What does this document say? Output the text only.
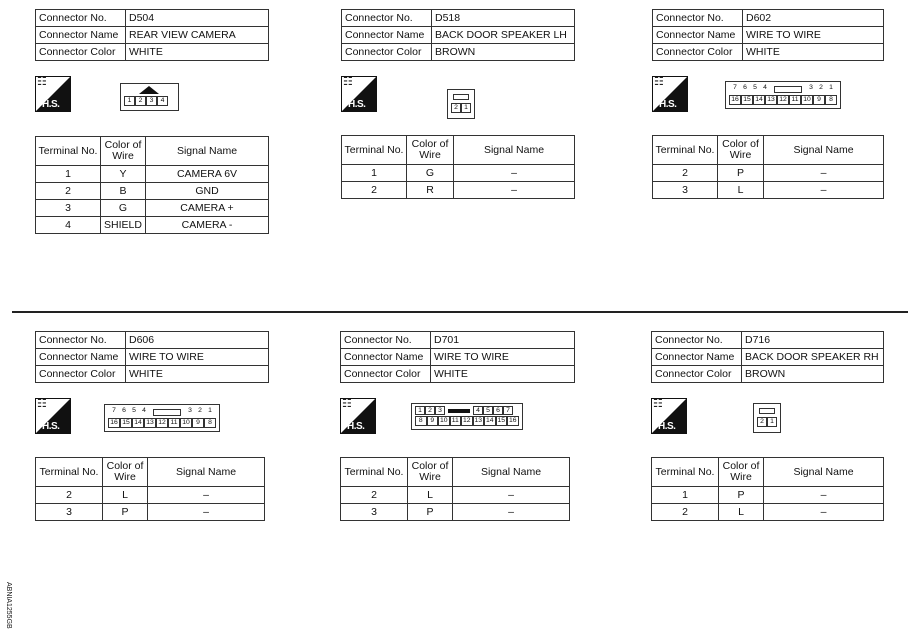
Connector No.	D504
Connector Name	REAR VIEW CAMERA
Connector Color	WHITE
☷
H.S.	1	2	3	4
Terminal No.	Color of Wire	Signal Name
1	Y	CAMERA 6V
2	B	GND
3	G	CAMERA +
4	SHIELD	CAMERA -
Connector No.	D518
Connector Name	BACK DOOR SPEAKER LH
Connector Color	BROWN
☷
H.S.	2 1
Terminal No.	Color of Wire	Signal Name
1	G	–
2	R	–
Connector No.	D602
Connector Name	WIRE TO WIRE
Connector Color	WHITE
☷
H.S.
7 6 5 4	3 2 1
16 15 14 13 12 11 10 9	8
Terminal No.	Color of Wire	Signal Name
2	P	–
3	L	–
Connector No.	D606
Connector Name	WIRE TO WIRE
Connector Color	WHITE
☷
H.S.
7 6 5 4	3 2 1
16 15 14 13 12 11 10 9	8
Terminal No.	Color of Wire	Signal Name
2	L	–
3	P	–
Connector No.	D701
Connector Name	WIRE TO WIRE
Connector Color	WHITE
☷
H.S.
1 2 3	4 5 6 7
8	9 10 11 12 13 14 15 16
Terminal No.	Color of Wire	Signal Name
2	L	–
3	P	–
Connector No.	D716
Connector Name	BACK DOOR SPEAKER RH
Connector Color	BROWN
☷
H.S.	2 1
Terminal No.	Color of Wire	Signal Name
1	P	–
2	L	–
ABNIA1255GB
